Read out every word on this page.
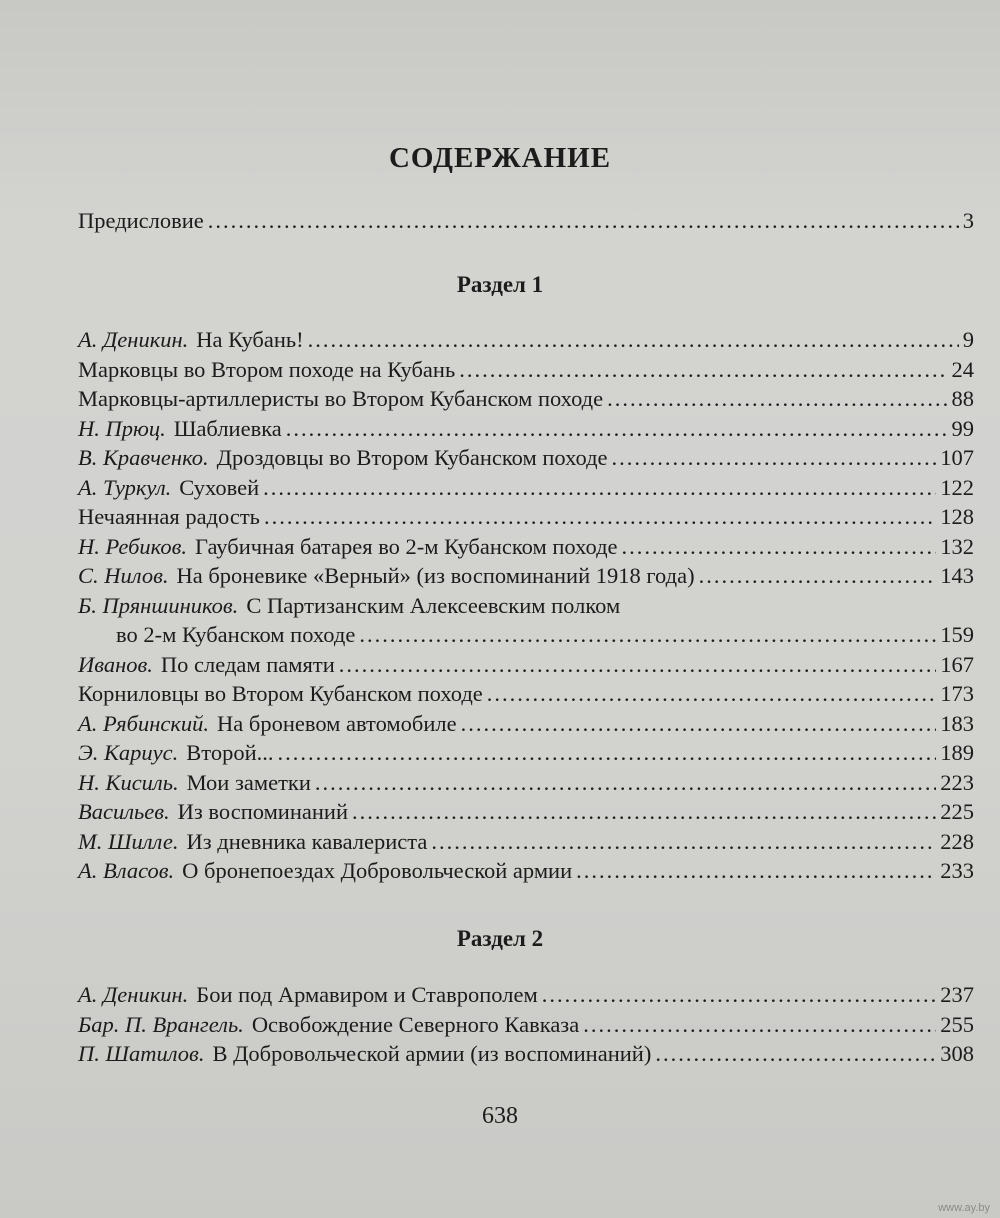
СОДЕРЖАНИЕ
Предисловие .....	3
Раздел 1
А. Деникин. На Кубань! .....	9
Марковцы во Втором походе на Кубань .....	24
Марковцы-артиллеристы во Втором Кубанском походе .....	88
Н. Прюц. Шаблиевка .....	99
В. Кравченко. Дроздовцы во Втором Кубанском походе .....	107
А. Туркул. Суховей .....	122
Нечаянная радость .....	128
Н. Ребиков. Гаубичная батарея во 2-м Кубанском походе .....	132
С. Нилов. На броневике «Верный» (из воспоминаний 1918 года) .....	143
Б. Пряншиников. С Партизанским Алексеевским полком
во 2-м Кубанском походе .....	159
Иванов. По следам памяти .....	167
Корниловцы во Втором Кубанском походе .....	173
А. Рябинский. На броневом автомобиле .....	183
Э. Кариус. Второй... .....	189
Н. Кисиль. Мои заметки .....	223
Васильев. Из воспоминаний .....	225
М. Шилле. Из дневника кавалериста .....	228
А. Власов. О бронепоездах Добровольческой армии .....	233
Раздел 2
А. Деникин. Бои под Армавиром и Ставрополем .....	237
Бар. П. Врангель. Освобождение Северного Кавказа .....	255
П. Шатилов. В Добровольческой армии (из воспоминаний) .....	308
638
www.ay.by
